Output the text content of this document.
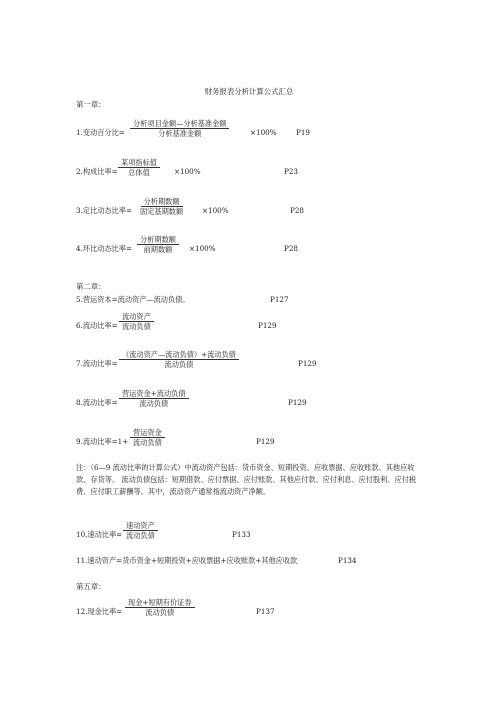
财务报表分析计算公式汇总
第一章：
1.变动百分比=
分析项目金额—分析基准金额
分析基准金额	×100%	P19
2.构成比率=
某项指标值
总体值	×100%	P23
3.定比动态比率=
分析期数额
固定基期数额	×100%	P28
4.环比动态比率=
分析期数额
前期数额	×100%	P28
第二章：
5.营运资本=流动资产—流动负债。	P127
6.流动比率=
流动资产
流动负债	P129
7.流动比率=
（流动资产—流动负债）+流动负债
流动负债	P129
8.流动比率=
营运资金+流动负债
流动负债	P129
9.流动比率=1+
营运资金
流动负债	P129
注：（6—9 流动比率的计算公式）中流动资产包括：货币资金、短期投资、应收票据、应收账款、其他应收款、存货等。 流动负债包括：短期借款、应付票据、应付账款、其他应付款、应付利息、应付股利、应付税费、应付职工薪酬等。其中，流动资产通常指流动资产净额。
10.速动比率=
速动资产
流动负债	P133
11.速动资产=货币资金+短期投资+应收票据+应收账款+其他应收款	P134
第五章：
12.现金比率=
现金+短期有价证券
流动负债	P137
